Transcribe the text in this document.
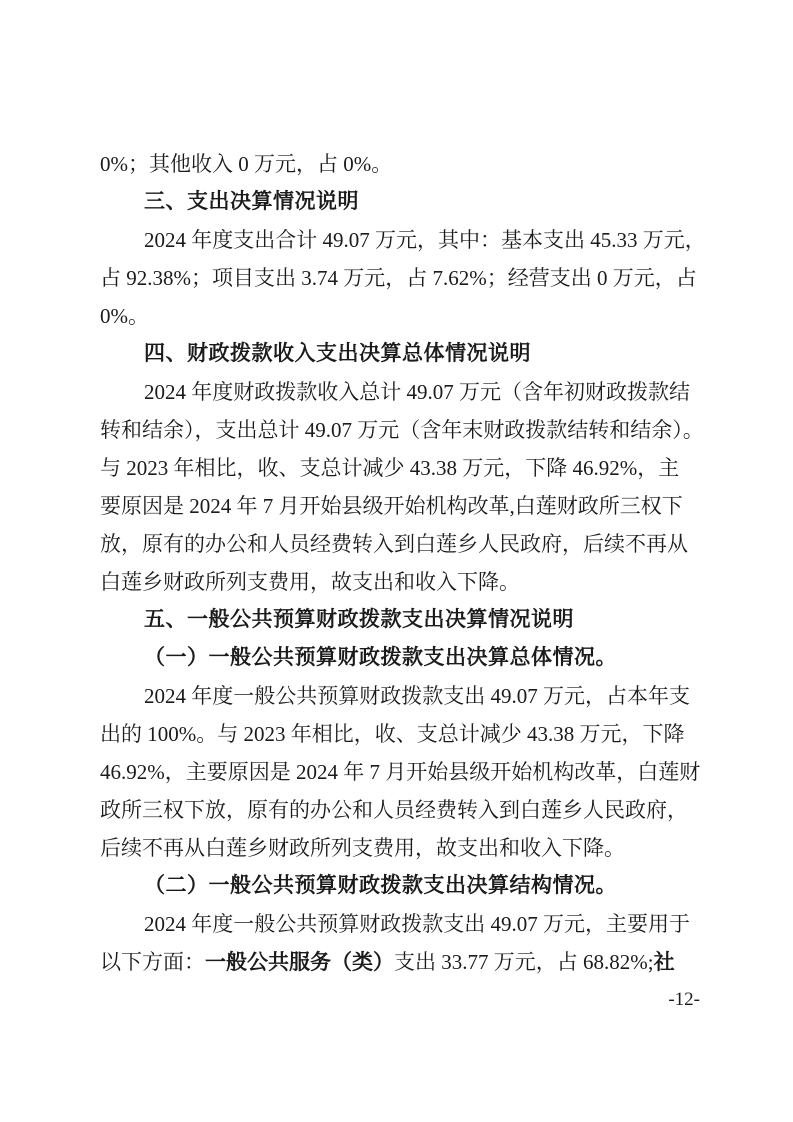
0%；其他收入 0 万元，占 0%。
三、支出决算情况说明
2024 年度支出合计 49.07 万元，其中：基本支出 45.33 万元，
占 92.38%；项目支出 3.74 万元，占 7.62%；经营支出 0 万元，占
0%。
四、财政拨款收入支出决算总体情况说明
2024 年度财政拨款收入总计 49.07 万元（含年初财政拨款结
转和结余），支出总计 49.07 万元（含年末财政拨款结转和结余）。
与 2023 年相比，收、支总计减少 43.38 万元，下降 46.92%，主
要原因是 2024 年 7 月开始县级开始机构改革,白莲财政所三权下
放，原有的办公和人员经费转入到白莲乡人民政府，后续不再从
白莲乡财政所列支费用，故支出和收入下降。
五、一般公共预算财政拨款支出决算情况说明
（一）一般公共预算财政拨款支出决算总体情况。
2024 年度一般公共预算财政拨款支出 49.07 万元，占本年支
出的 100%。与 2023 年相比，收、支总计减少 43.38 万元，下降
46.92%，主要原因是 2024 年 7 月开始县级开始机构改革，白莲财
政所三权下放，原有的办公和人员经费转入到白莲乡人民政府，
后续不再从白莲乡财政所列支费用，故支出和收入下降。
（二）一般公共预算财政拨款支出决算结构情况。
2024 年度一般公共预算财政拨款支出 49.07 万元，主要用于
以下方面：一般公共服务（类）支出 33.77 万元，占 68.82%;社
-12-
